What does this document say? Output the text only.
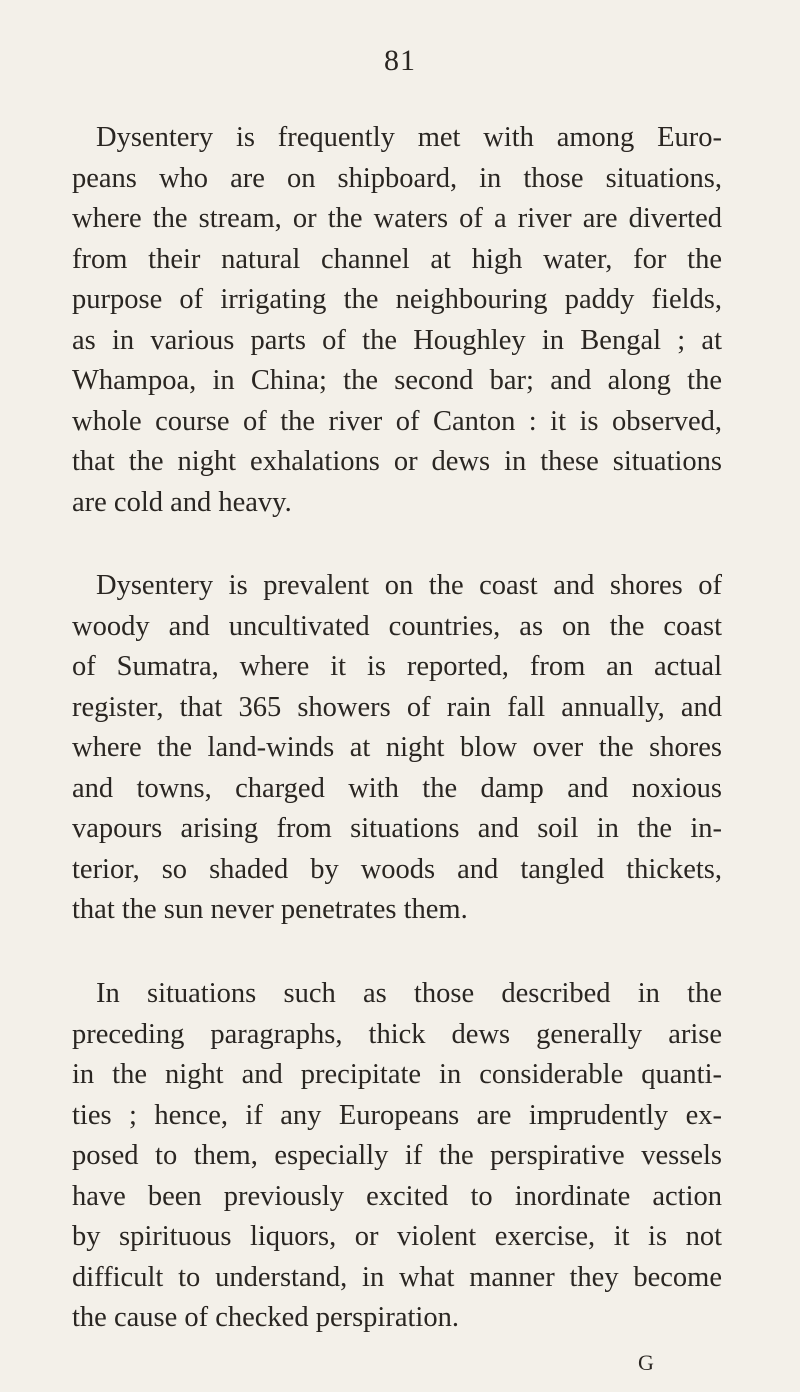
81
Dysentery is frequently met with among Euro-
peans who are on shipboard, in those situations,
where the stream, or the waters of a river are diverted
from their natural channel at high water, for the
purpose of irrigating the neighbouring paddy fields,
as in various parts of the Houghley in Bengal ; at
Whampoa, in China; the second bar; and along the
whole course of the river of Canton : it is observed,
that the night exhalations or dews in these situations
are cold and heavy.
Dysentery is prevalent on the coast and shores of
woody and uncultivated countries, as on the coast
of Sumatra, where it is reported, from an actual
register, that 365 showers of rain fall annually, and
where the land-winds at night blow over the shores
and towns, charged with the damp and noxious
vapours arising from situations and soil in the in-
terior, so shaded by woods and tangled thickets,
that the sun never penetrates them.
In situations such as those described in the
preceding paragraphs, thick dews generally arise
in the night and precipitate in considerable quanti-
ties ; hence, if any Europeans are imprudently ex-
posed to them, especially if the perspirative vessels
have been previously excited to inordinate action
by spirituous liquors, or violent exercise, it is not
difficult to understand, in what manner they become
the cause of checked perspiration.
G
